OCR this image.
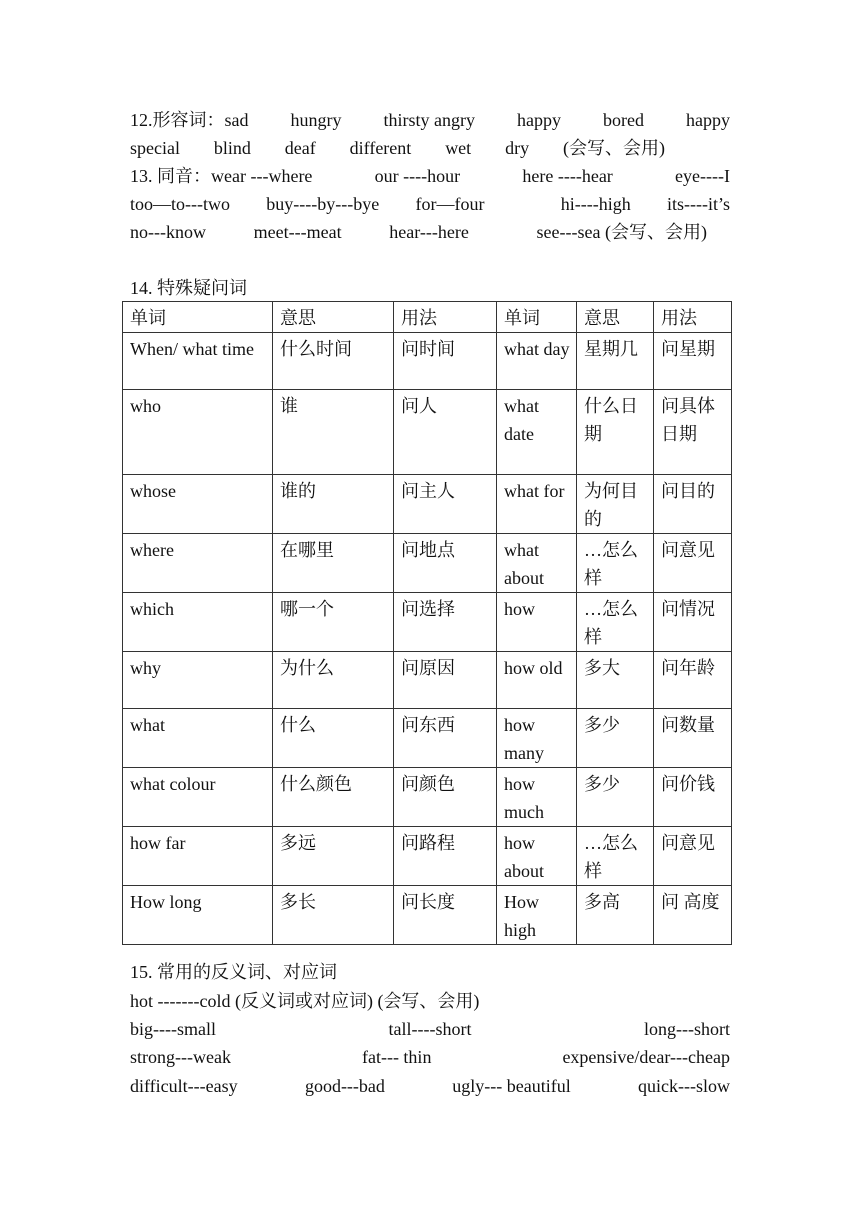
12.形容词：sad hungry thirsty angry happy bored happy
special blind deaf different wet dry (会写、会用)
13. 同音：wear ---where	our ----hour	here ----hear	eye----I
too—to---two buy----by---bye for—four	hi----high its----it’s
no---know	meet---meat	hear---here	see---sea (会写、会用)
14. 特殊疑问词
单词	意思	用法	单词	意思	用法
When/ what time	什么时间	问时间	what day	星期几	问星期
who	谁	问人	what date	什么日期	问具体日期
whose	谁的	问主人	what for	为何目的	问目的
where	在哪里	问地点	what about	…怎么样	问意见
which	哪一个	问选择	how	…怎么样	问情况
why	为什么	问原因	how old	多大	问年龄
what	什么	问东西	how many	多少	问数量
what colour	什么颜色	问颜色	how much	多少	问价钱
how far	多远	问路程	how about	…怎么样	问意见
How long	多长	问长度	How high	多高	问 高度
15. 常用的反义词、对应词
hot -------cold (反义词或对应词) (会写、会用)
big----small	tall----short	long---short
strong---weak	fat--- thin	expensive/dear---cheap
difficult---easy	good---bad	ugly--- beautiful	quick---slow
